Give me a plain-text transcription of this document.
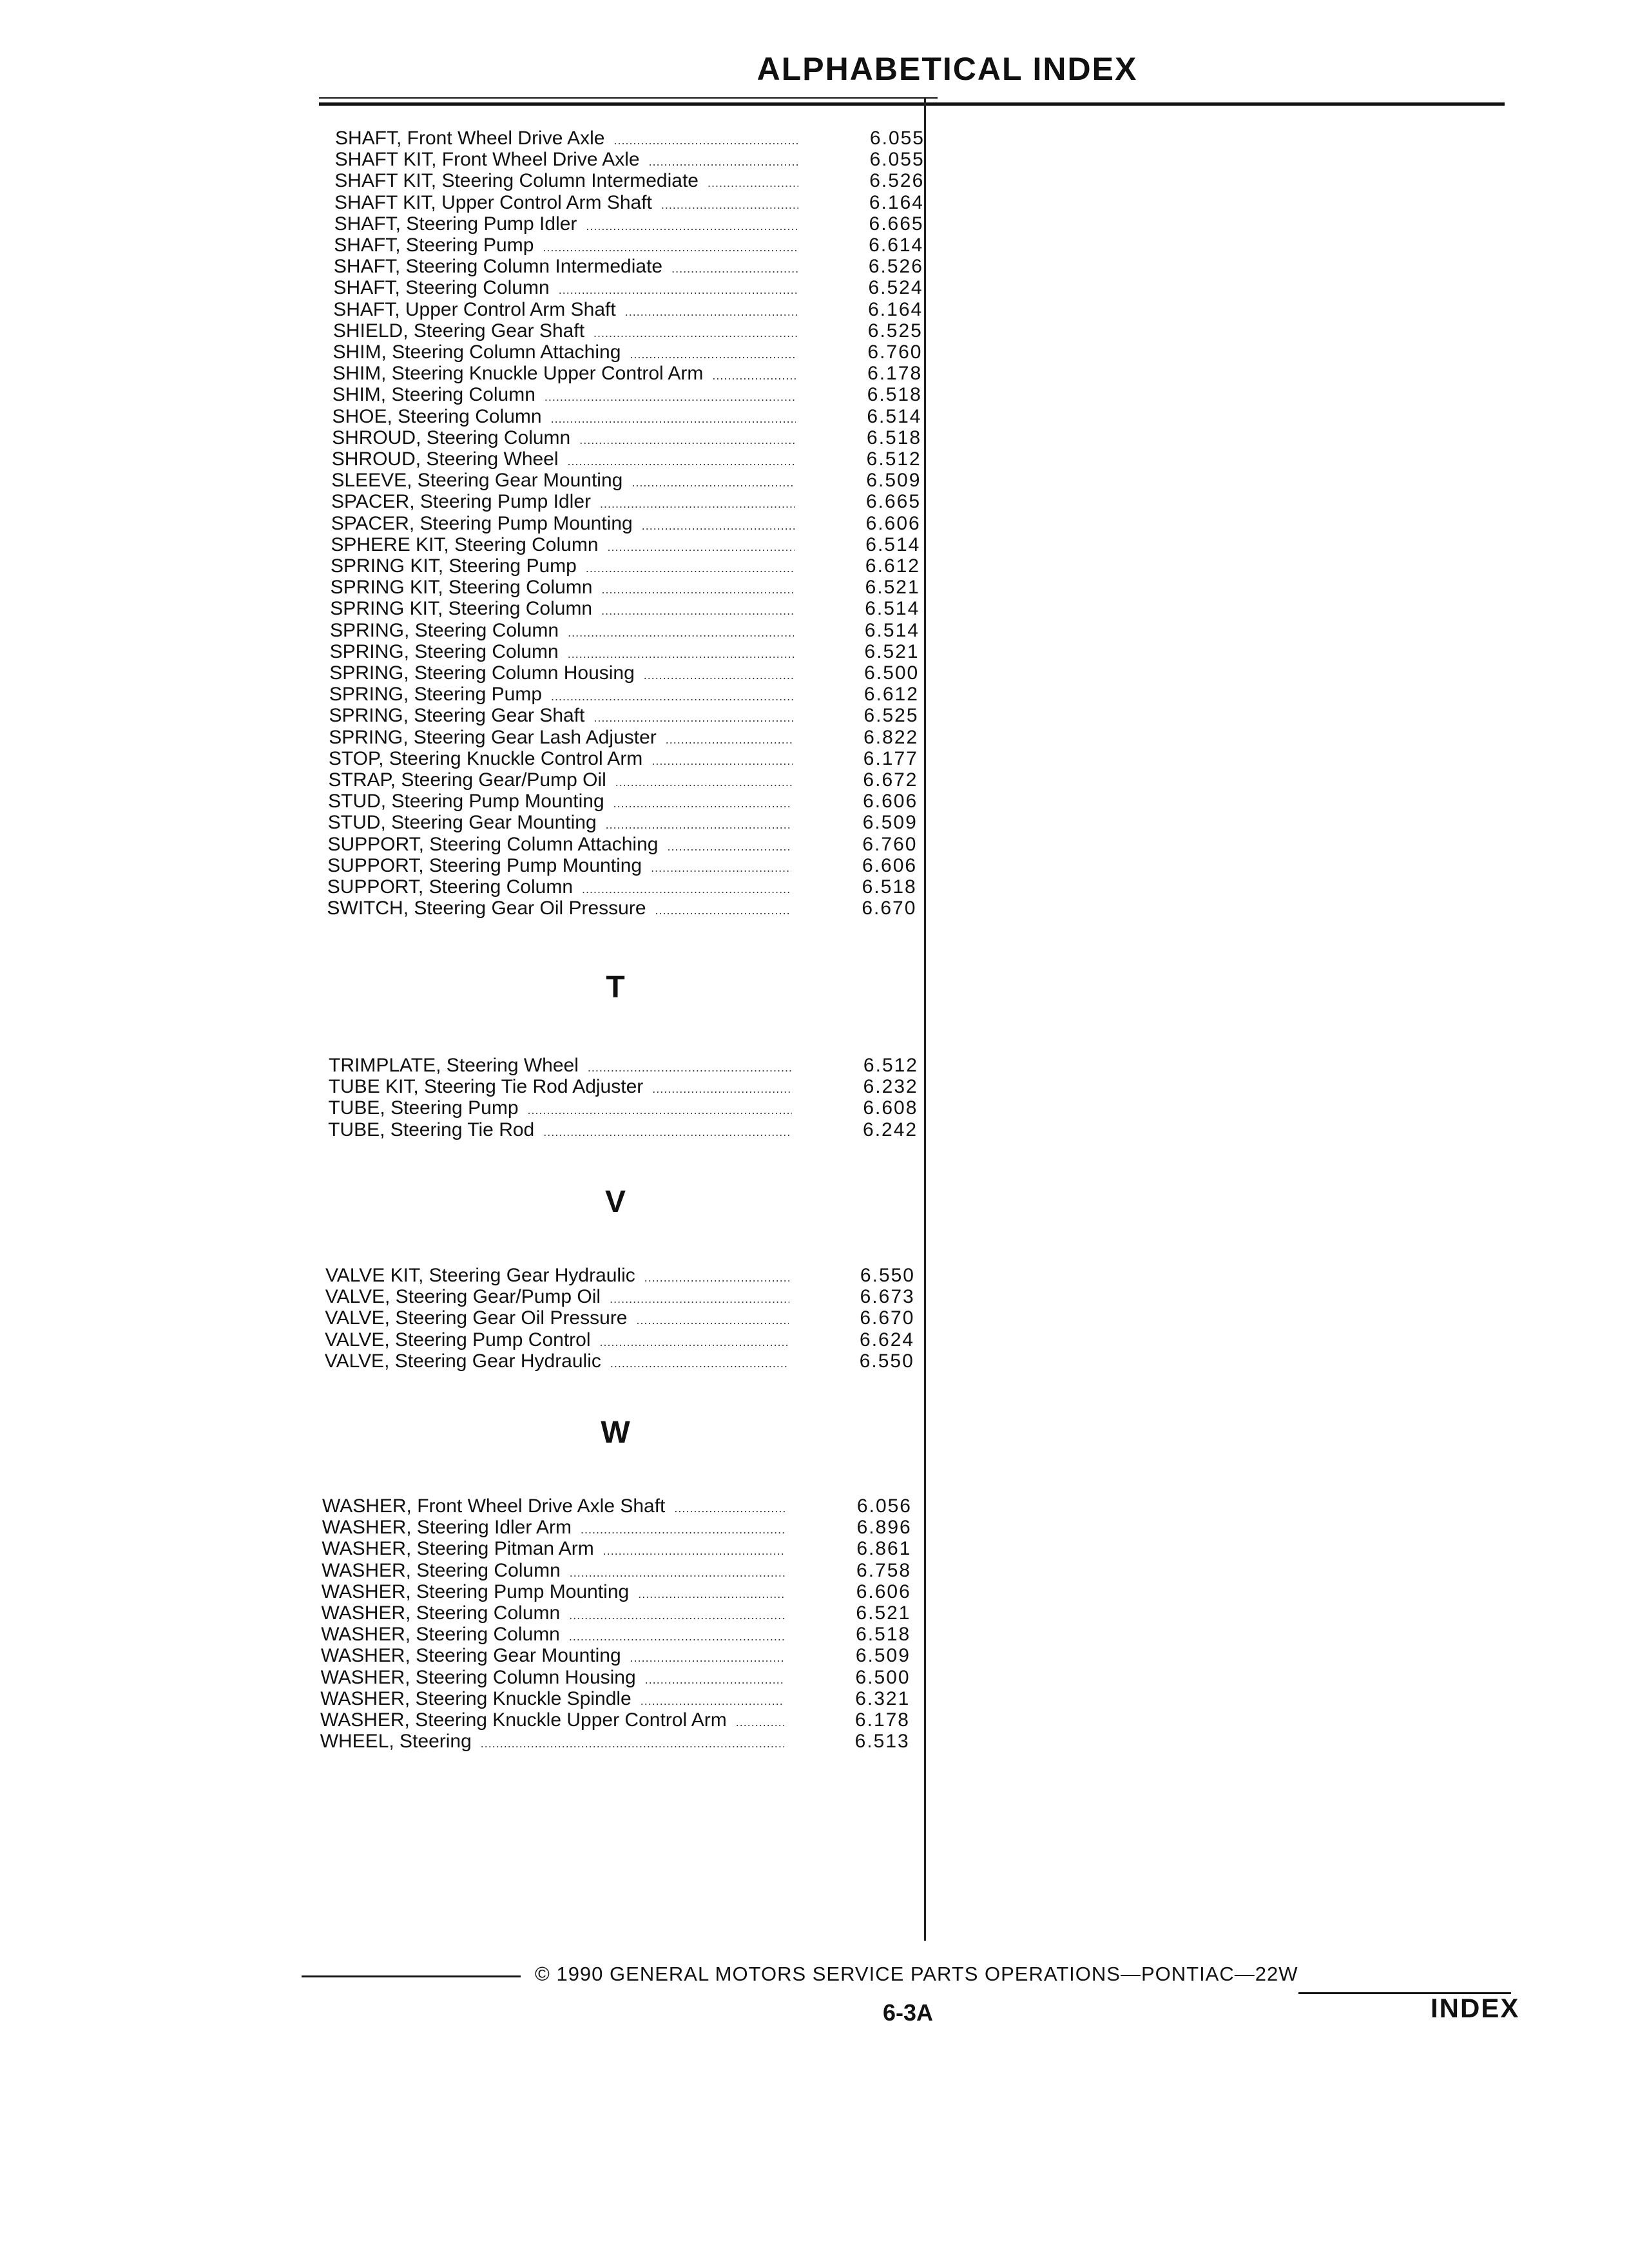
ALPHABETICAL INDEX
SHAFT, Front Wheel Drive Axle .....	6.055
SHAFT KIT, Front Wheel Drive Axle .....	6.055
SHAFT KIT, Steering Column Intermediate .....	6.526
SHAFT KIT, Upper Control Arm Shaft .....	6.164
SHAFT, Steering Pump Idler .....	6.665
SHAFT, Steering Pump .....	6.614
SHAFT, Steering Column Intermediate .....	6.526
SHAFT, Steering Column .....	6.524
SHAFT, Upper Control Arm Shaft .....	6.164
SHIELD, Steering Gear Shaft .....	6.525
SHIM, Steering Column Attaching .....	6.760
SHIM, Steering Knuckle Upper Control Arm .....	6.178
SHIM, Steering Column .....	6.518
SHOE, Steering Column .....	6.514
SHROUD, Steering Column .....	6.518
SHROUD, Steering Wheel .....	6.512
SLEEVE, Steering Gear Mounting .....	6.509
SPACER, Steering Pump Idler .....	6.665
SPACER, Steering Pump Mounting .....	6.606
SPHERE KIT, Steering Column .....	6.514
SPRING KIT, Steering Pump .....	6.612
SPRING KIT, Steering Column .....	6.521
SPRING KIT, Steering Column .....	6.514
SPRING, Steering Column .....	6.514
SPRING, Steering Column .....	6.521
SPRING, Steering Column Housing .....	6.500
SPRING, Steering Pump .....	6.612
SPRING, Steering Gear Shaft .....	6.525
SPRING, Steering Gear Lash Adjuster .....	6.822
STOP, Steering Knuckle Control Arm .....	6.177
STRAP, Steering Gear/Pump Oil .....	6.672
STUD, Steering Pump Mounting .....	6.606
STUD, Steering Gear Mounting .....	6.509
SUPPORT, Steering Column Attaching .....	6.760
SUPPORT, Steering Pump Mounting .....	6.606
SUPPORT, Steering Column .....	6.518
SWITCH, Steering Gear Oil Pressure .....	6.670
T
TRIMPLATE, Steering Wheel .....	6.512
TUBE KIT, Steering Tie Rod Adjuster .....	6.232
TUBE, Steering Pump .....	6.608
TUBE, Steering Tie Rod .....	6.242
V
VALVE KIT, Steering Gear Hydraulic .....	6.550
VALVE, Steering Gear/Pump Oil .....	6.673
VALVE, Steering Gear Oil Pressure .....	6.670
VALVE, Steering Pump Control .....	6.624
VALVE, Steering Gear Hydraulic .....	6.550
W
WASHER, Front Wheel Drive Axle Shaft .....	6.056
WASHER, Steering Idler Arm .....	6.896
WASHER, Steering Pitman Arm .....	6.861
WASHER, Steering Column .....	6.758
WASHER, Steering Pump Mounting .....	6.606
WASHER, Steering Column .....	6.521
WASHER, Steering Column .....	6.518
WASHER, Steering Gear Mounting .....	6.509
WASHER, Steering Column Housing .....	6.500
WASHER, Steering Knuckle Spindle .....	6.321
WASHER, Steering Knuckle Upper Control Arm .....	6.178
WHEEL, Steering .....	6.513
© 1990 GENERAL MOTORS SERVICE PARTS OPERATIONS—PONTIAC—22W
6-3A	INDEX
